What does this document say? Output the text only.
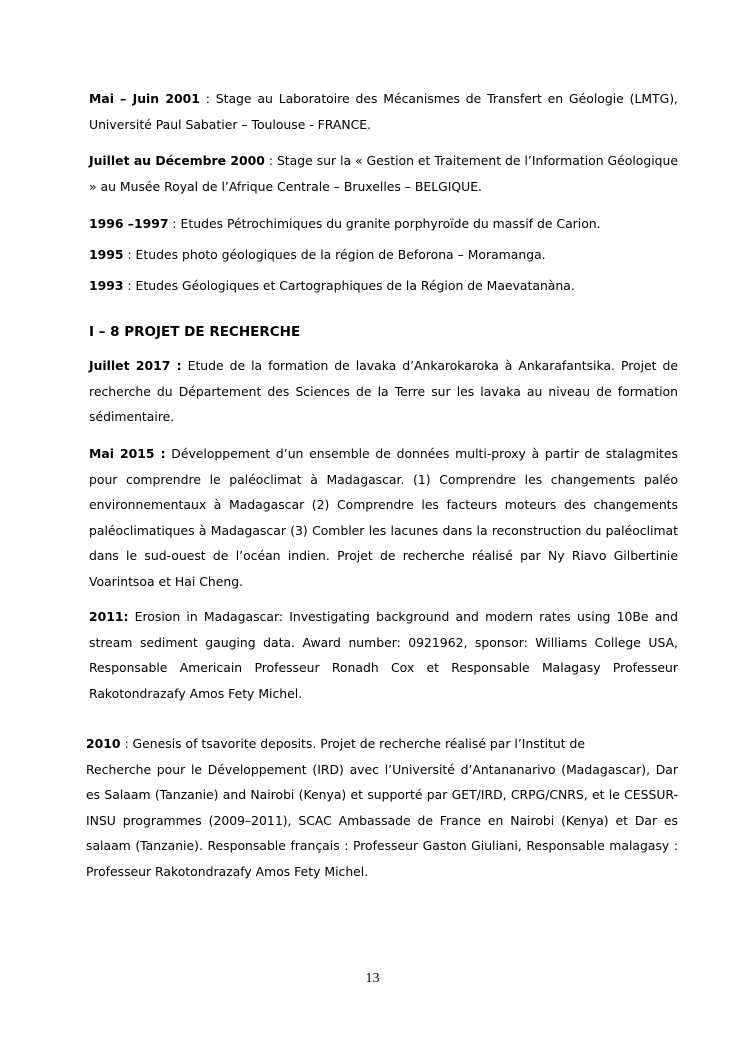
Mai – Juin 2001 : Stage au Laboratoire des Mécanismes de Transfert en Géologie (LMTG), Université Paul Sabatier – Toulouse - FRANCE.

Juillet au Décembre 2000 : Stage sur la « Gestion et Traitement de l’Information Géologique » au Musée Royal de l’Afrique Centrale – Bruxelles – BELGIQUE.

1996 –1997 : Etudes Pétrochimiques du granite porphyroïde du massif de Carion.

1995 : Etudes photo géologiques de la région de Beforona – Moramanga.

1993 : Etudes Géologiques et Cartographiques de la Région de Maevatanàna.

I – 8 PROJET DE RECHERCHE

Juillet 2017 : Etude de la formation de lavaka d’Ankarokaroka à Ankarafantsika. Projet de recherche du Département des Sciences de la Terre sur les lavaka au niveau de formation sédimentaire.

Mai 2015 : Développement d’un ensemble de données multi-proxy à partir de stalagmites pour comprendre le paléoclimat à Madagascar. (1) Comprendre les changements paléo environnementaux à Madagascar (2) Comprendre les facteurs moteurs des changements paléoclimatiques à Madagascar (3) Combler les lacunes dans la reconstruction du paléoclimat dans le sud-ouest de l’océan indien. Projet de recherche réalisé par Ny Riavo Gilbertinie Voarintsoa et Hai Cheng.

2011: Erosion in Madagascar: Investigating background and modern rates using 10Be and stream sediment gauging data. Award number: 0921962, sponsor: Williams College USA, Responsable Americain Professeur Ronadh Cox et Responsable Malagasy Professeur Rakotondrazafy Amos Fety Michel.

2010 : Genesis of tsavorite deposits. Projet de recherche réalisé par l’Institut de
Recherche pour le Développement (IRD) avec l’Université d’Antananarivo (Madagascar), Dar es Salaam (Tanzanie) and Nairobi (Kenya) et supporté par GET/IRD, CRPG/CNRS, et le CESSUR-INSU programmes (2009–2011), SCAC Ambassade de France en Nairobi (Kenya) et Dar es salaam (Tanzanie). Responsable français : Professeur Gaston Giuliani, Responsable malagasy : Professeur Rakotondrazafy Amos Fety Michel.
13
